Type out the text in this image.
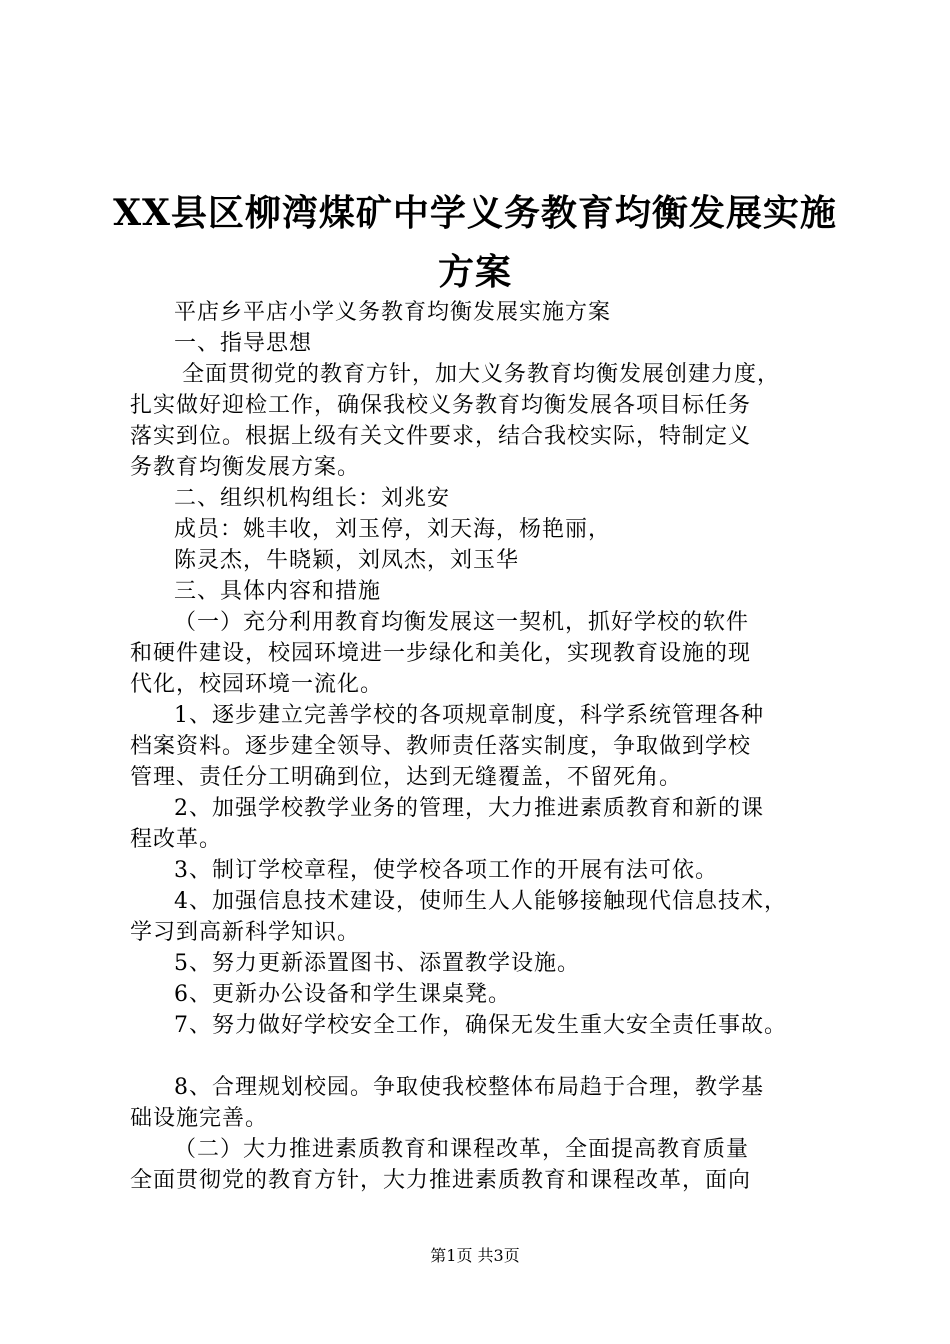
XX县区柳湾煤矿中学义务教育均衡发展实施
方案

平店乡平店小学义务教育均衡发展实施方案

一、指导思想

全面贯彻党的教育方针，加大义务教育均衡发展创建力度，

扎实做好迎检工作，确保我校义务教育均衡发展各项目标任务

落实到位。根据上级有关文件要求，结合我校实际，特制定义

务教育均衡发展方案。

二、组织机构组长：刘兆安

成员：姚丰收，刘玉停，刘天海，杨艳丽，

陈灵杰，牛晓颖，刘凤杰，刘玉华

三、具体内容和措施

（一）充分利用教育均衡发展这一契机，抓好学校的软件

和硬件建设，校园环境进一步绿化和美化，实现教育设施的现

代化，校园环境一流化。

1、逐步建立完善学校的各项规章制度，科学系统管理各种

档案资料。逐步建全领导、教师责任落实制度，争取做到学校

管理、责任分工明确到位，达到无缝覆盖，不留死角。

2、加强学校教学业务的管理，大力推进素质教育和新的课

程改革。

3、制订学校章程，使学校各项工作的开展有法可依。

4、加强信息技术建设，使师生人人能够接触现代信息技术，

学习到高新科学知识。

5、努力更新添置图书、添置教学设施。

6、更新办公设备和学生课桌凳。

7、努力做好学校安全工作，确保无发生重大安全责任事故。

8、合理规划校园。争取使我校整体布局趋于合理，教学基

础设施完善。

（二）大力推进素质教育和课程改革，全面提高教育质量

全面贯彻党的教育方针，大力推进素质教育和课程改革，面向

第1页 共3页
